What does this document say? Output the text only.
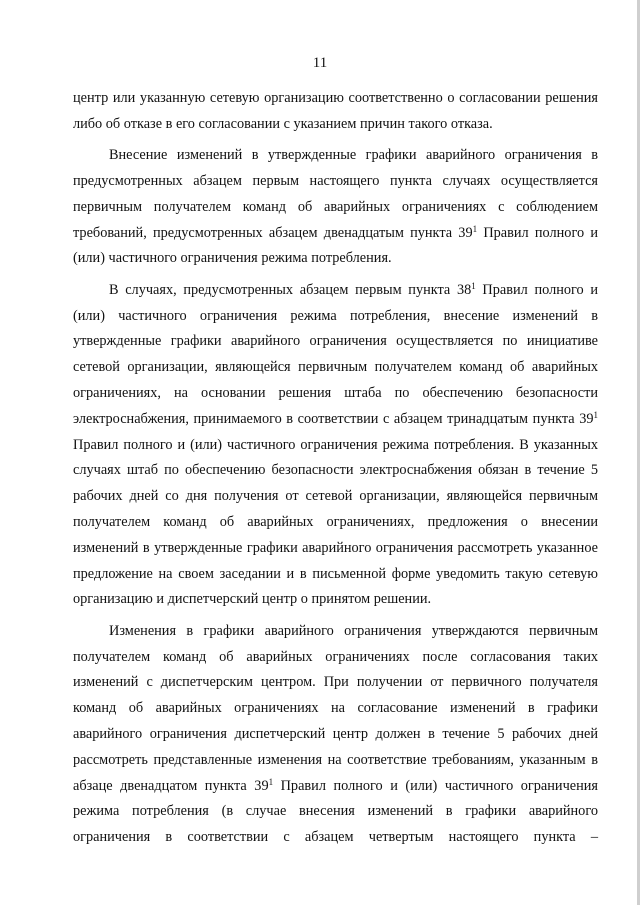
11

центр или указанную сетевую организацию соответственно о согласовании решения либо об отказе в его согласовании с указанием причин такого отказа.

Внесение изменений в утвержденные графики аварийного ограничения в предусмотренных абзацем первым настоящего пункта случаях осуществляется первичным получателем команд об аварийных ограничениях с соблюдением требований, предусмотренных абзацем двенадцатым пункта $39^1$ Правил полного и (или) частичного ограничения режима потребления.

В случаях, предусмотренных абзацем первым пункта $38^1$ Правил полного и (или) частичного ограничения режима потребления, внесение изменений в утвержденные графики аварийного ограничения осуществляется по инициативе сетевой организации, являющейся первичным получателем команд об аварийных ограничениях, на основании решения штаба по обеспечению безопасности электроснабжения, принимаемого в соответствии с абзацем тринадцатым пункта $39^1$ Правил полного и (или) частичного ограничения режима потребления. В указанных случаях штаб по обеспечению безопасности электроснабжения обязан в течение 5 рабочих дней со дня получения от сетевой организации, являющейся первичным получателем команд об аварийных ограничениях, предложения о внесении изменений в утвержденные графики аварийного ограничения рассмотреть указанное предложение на своем заседании и в письменной форме уведомить такую сетевую организацию и диспетчерский центр о принятом решении.

Изменения в графики аварийного ограничения утверждаются первичным получателем команд об аварийных ограничениях после согласования таких изменений с диспетчерским центром. При получении от первичного получателя команд об аварийных ограничениях на согласование изменений в графики аварийного ограничения диспетчерский центр должен в течение 5 рабочих дней рассмотреть представленные изменения на соответствие требованиям, указанным в абзаце двенадцатом пункта $39^1$ Правил полного и (или) частичного ограничения режима потребления (в случае внесения изменений в графики аварийного ограничения в соответствии с абзацем четвертым настоящего пункта –
